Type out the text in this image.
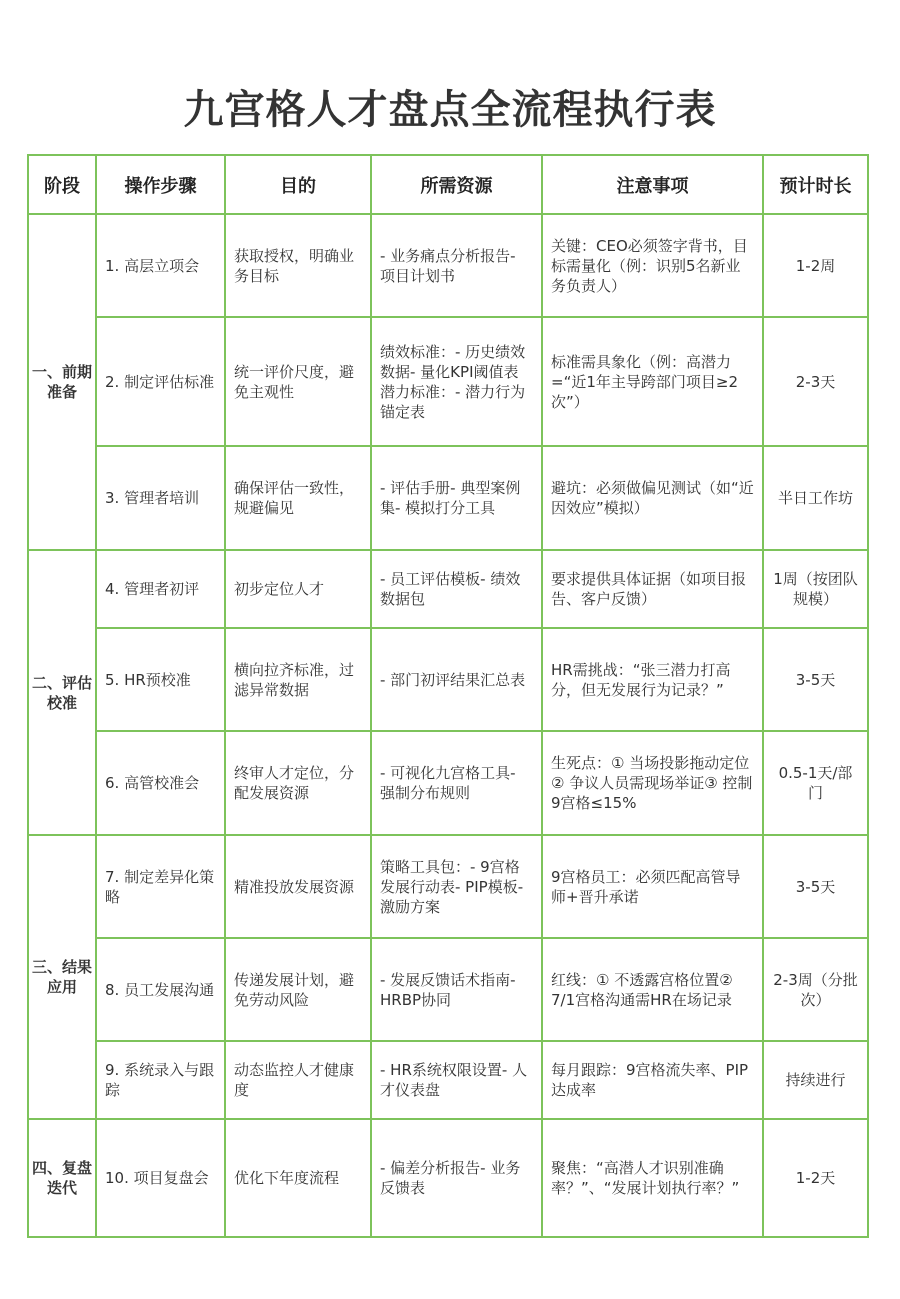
九宫格人才盘点全流程执行表
阶段	操作步骤	目的	所需资源	注意事项	预计时长
一、前期准备	1. 高层立项会	获取授权，明确业务目标	- 业务痛点分析报告- 项目计划书	关键：CEO必须签字背书，目标需量化（例：识别5名新业务负责人）	1-2周
	2. 制定评估标准	统一评价尺度，避免主观性	绩效标准：- 历史绩效数据- 量化KPI阈值表潜力标准：- 潜力行为锚定表	标准需具象化（例：高潜力=“近1年主导跨部门项目≥2次”）	2-3天
	3. 管理者培训	确保评估一致性，规避偏见	- 评估手册- 典型案例集- 模拟打分工具	避坑：必须做偏见测试（如“近因效应”模拟）	半日工作坊
二、评估校准	4. 管理者初评	初步定位人才	- 员工评估模板- 绩效数据包	要求提供具体证据（如项目报告、客户反馈）	1周（按团队规模）
	5. HR预校准	横向拉齐标准，过滤异常数据	- 部门初评结果汇总表	HR需挑战：“张三潜力打高分，但无发展行为记录？”	3-5天
	6. 高管校准会	终审人才定位，分配发展资源	- 可视化九宫格工具- 强制分布规则	生死点：① 当场投影拖动定位② 争议人员需现场举证③ 控制9宫格≤15%	0.5-1天/部门
三、结果应用	7. 制定差异化策略	精准投放发展资源	策略工具包：- 9宫格发展行动表- PIP模板- 激励方案	9宫格员工：必须匹配高管导师+晋升承诺	3-5天
	8. 员工发展沟通	传递发展计划，避免劳动风险	- 发展反馈话术指南- HRBP协同	红线：① 不透露宫格位置② 7/1宫格沟通需HR在场记录	2-3周（分批次）
	9. 系统录入与跟踪	动态监控人才健康度	- HR系统权限设置- 人才仪表盘	每月跟踪：9宫格流失率、PIP达成率	持续进行
四、复盘迭代	10. 项目复盘会	优化下年度流程	- 偏差分析报告- 业务反馈表	聚焦：“高潜人才识别准确率？”、“发展计划执行率？”	1-2天
